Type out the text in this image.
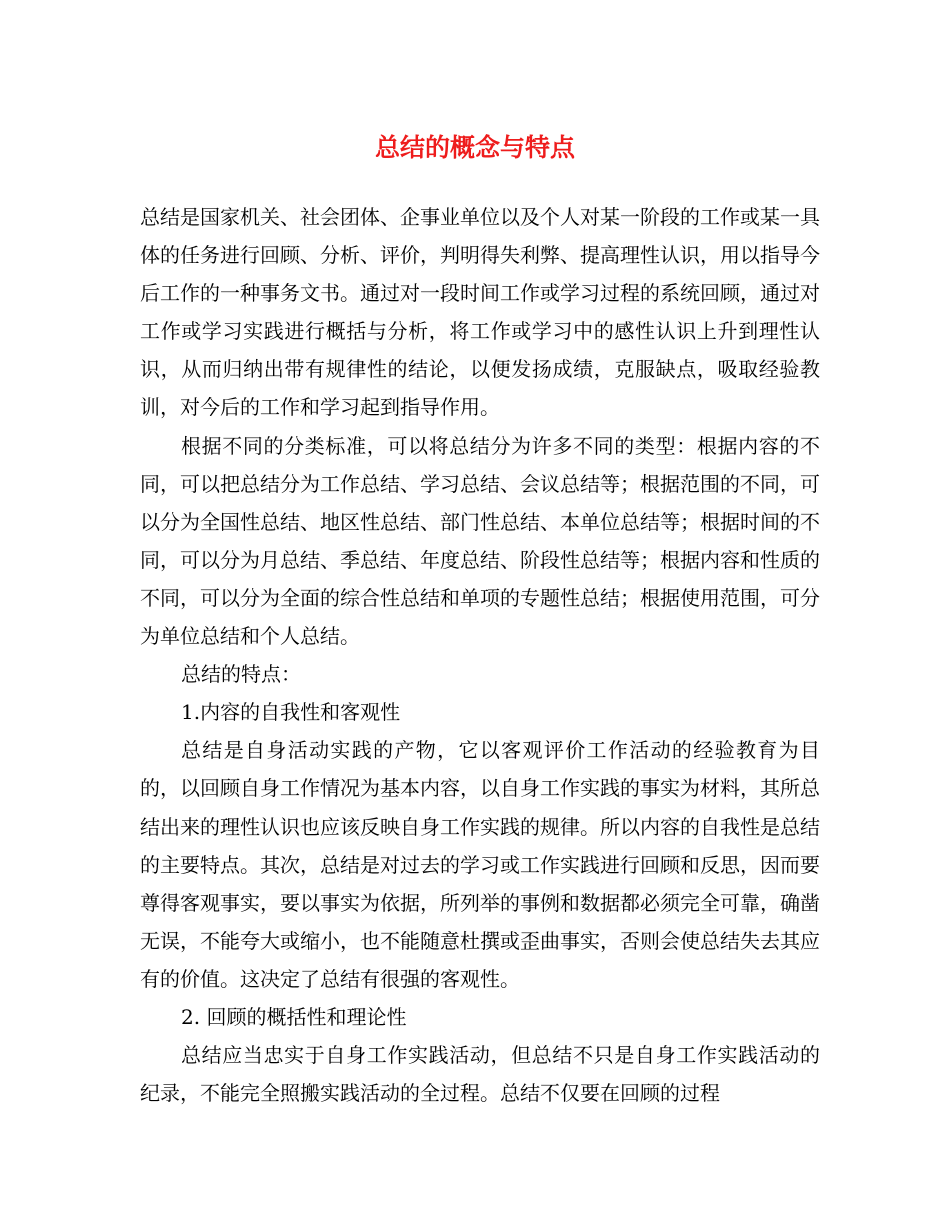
总结的概念与特点

总结是国家机关、社会团体、企事业单位以及个人对某一阶段的工作或某一具体的任务进行回顾、分析、评价，判明得失利弊、提高理性认识，用以指导今后工作的一种事务文书。通过对一段时间工作或学习过程的系统回顾，通过对工作或学习实践进行概括与分析，将工作或学习中的感性认识上升到理性认识，从而归纳出带有规律性的结论，以便发扬成绩，克服缺点，吸取经验教训，对今后的工作和学习起到指导作用。

根据不同的分类标准，可以将总结分为许多不同的类型：根据内容的不同，可以把总结分为工作总结、学习总结、会议总结等；根据范围的不同，可以分为全国性总结、地区性总结、部门性总结、本单位总结等；根据时间的不同，可以分为月总结、季总结、年度总结、阶段性总结等；根据内容和性质的不同，可以分为全面的综合性总结和单项的专题性总结；根据使用范围，可分为单位总结和个人总结。

总结的特点：

1.内容的自我性和客观性

总结是自身活动实践的产物，它以客观评价工作活动的经验教育为目的，以回顾自身工作情况为基本内容，以自身工作实践的事实为材料，其所总结出来的理性认识也应该反映自身工作实践的规律。所以内容的自我性是总结的主要特点。其次，总结是对过去的学习或工作实践进行回顾和反思，因而要尊得客观事实，要以事实为依据，所列举的事例和数据都必须完全可靠，确凿无误，不能夸大或缩小，也不能随意杜撰或歪曲事实，否则会使总结失去其应有的价值。这决定了总结有很强的客观性。

2. 回顾的概括性和理论性

总结应当忠实于自身工作实践活动，但总结不只是自身工作实践活动的纪录，不能完全照搬实践活动的全过程。总结不仅要在回顾的过程
